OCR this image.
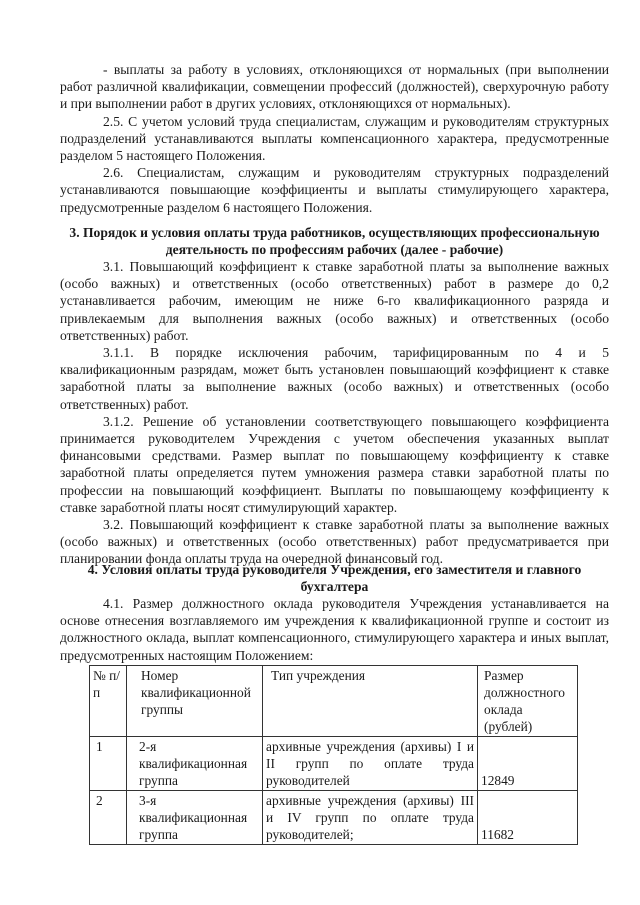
- выплаты за работу в условиях, отклоняющихся от нормальных (при выполнении работ различной квалификации, совмещении профессий (должностей), сверхурочную работу и при выполнении работ в других условиях, отклоняющихся от нормальных).

2.5. С учетом условий труда специалистам, служащим и руководителям структурных подразделений устанавливаются выплаты компенсационного характера, предусмотренные разделом 5 настоящего Положения.

2.6. Специалистам, служащим и руководителям структурных подразделений устанавливаются повышающие коэффициенты и выплаты стимулирующего характера, предусмотренные разделом 6 настоящего Положения.

3. Порядок и условия оплаты труда работников, осуществляющих профессиональную деятельность по профессиям рабочих (далее - рабочие)

3.1. Повышающий коэффициент к ставке заработной платы за выполнение важных (особо важных) и ответственных (особо ответственных) работ в размере до 0,2 устанавливается рабочим, имеющим не ниже 6-го квалификационного разряда и привлекаемым для выполнения важных (особо важных) и ответственных (особо ответственных) работ.

3.1.1. В порядке исключения рабочим, тарифицированным по 4 и 5 квалификационным разрядам, может быть установлен повышающий коэффициент к ставке заработной платы за выполнение важных (особо важных) и ответственных (особо ответственных) работ.

3.1.2. Решение об установлении соответствующего повышающего коэффициента принимается руководителем Учреждения с учетом обеспечения указанных выплат финансовыми средствами. Размер выплат по повышающему коэффициенту к ставке заработной платы определяется путем умножения размера ставки заработной платы по профессии на повышающий коэффициент. Выплаты по повышающему коэффициенту к ставке заработной платы носят стимулирующий характер.

3.2. Повышающий коэффициент к ставке заработной платы за выполнение важных (особо важных) и ответственных (особо ответственных) работ предусматривается при планировании фонда оплаты труда на очередной финансовый год.

4. Условия оплаты труда руководителя Учреждения, его заместителя и главного бухгалтера

4.1. Размер должностного оклада руководителя Учреждения устанавливается на основе отнесения возглавляемого им учреждения к квалификационной группе и состоит из должностного оклада, выплат компенсационного, стимулирующего характера и иных выплат, предусмотренных настоящим Положением:

№ п/п	Номер квалификационной группы	Тип учреждения	Размер должностного оклада (рублей)
1	2-я квалификационная группа	архивные учреждения (архивы) I и II групп по оплате труда руководителей	12849
2	3-я квалификационная группа	архивные учреждения (архивы) III и IV групп по оплате труда руководителей;	11682
